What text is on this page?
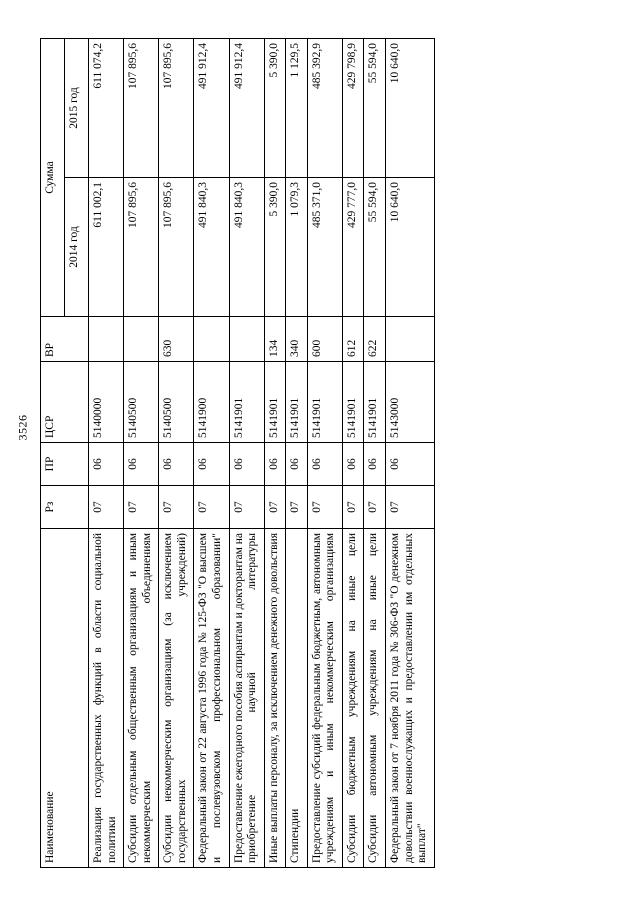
3526
Наименование	Рз	ПР	ЦСР	ВР	Сумма	
					2014 год	2015 год
Реализация государственных функций в области социальной политики	07	06	5140000		611 002,1	611 074,2
Субсидии отдельным общественным организациям и иным некоммерческим объединениям	07	06	5140500		107 895,6	107 895,6
Субсидии некоммерческим организациям (за исключением государственных учреждений)	07	06	5140500	630	107 895,6	107 895,6
Федеральный закон от 22 августа 1996 года № 125-ФЗ "О высшем и послевузовском профессиональном образовании"	07	06	5141900		491 840,3	491 912,4
Предоставление ежегодного пособия аспирантам и докторантам на приобретение научной литературы	07	06	5141901		491 840,3	491 912,4
Иные выплаты персоналу, за исключением денежного довольствия	07	06	5141901	134	5 390,0	5 390,0
Стипендии	07	06	5141901	340	1 079,3	1 129,5
Предоставление субсидий федеральным бюджетным, автономным учреждениям и иным некоммерческим организациям	07	06	5141901	600	485 371,0	485 392,9
Субсидии бюджетным учреждениям на иные цели	07	06	5141901	612	429 777,0	429 798,9
Субсидии автономным учреждениям на иные цели	07	06	5141901	622	55 594,0	55 594,0
Федеральный закон от 7 ноября 2011 года № 306-ФЗ "О денежном довольствии военнослужащих и предоставлении им отдельных выплат"	07	06	5143000		10 640,0	10 640,0
